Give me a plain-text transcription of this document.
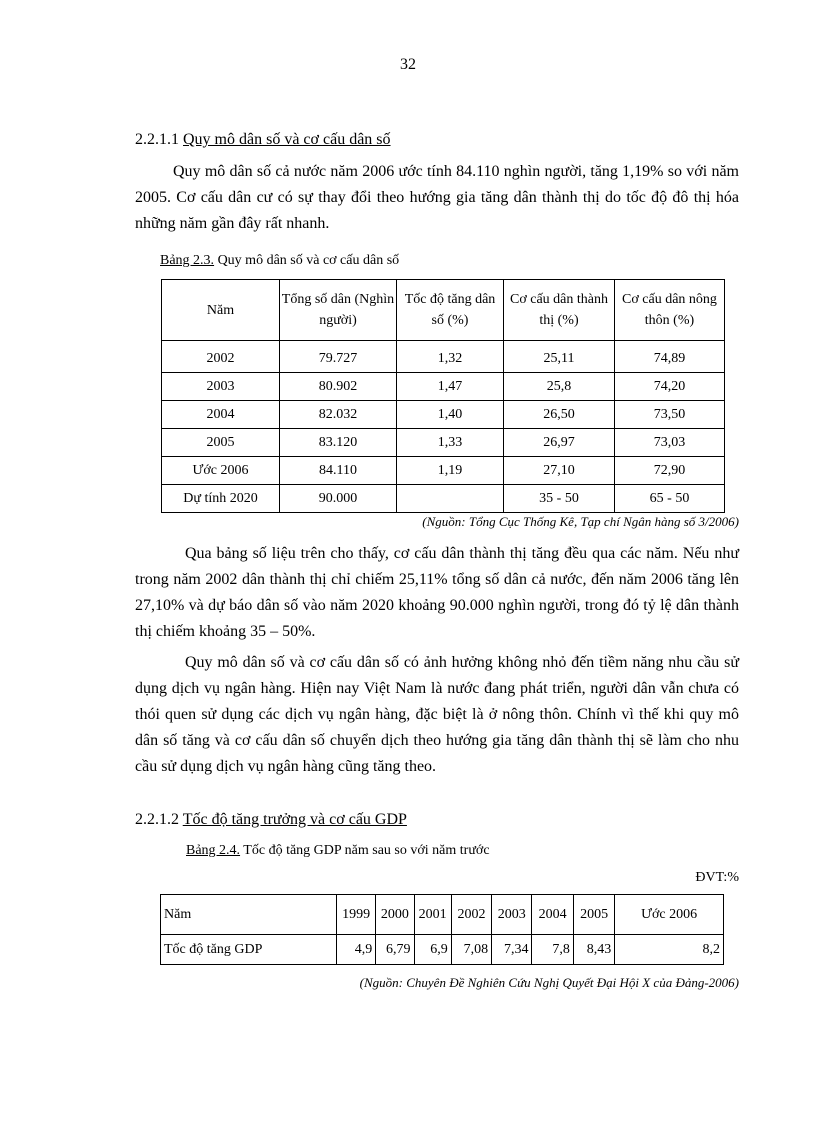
32
2.2.1.1 Quy mô dân số và cơ cấu dân số
Quy mô dân số cả nước năm 2006 ước tính 84.110 nghìn người, tăng 1,19% so với năm 2005. Cơ cấu dân cư có sự thay đổi theo hướng gia tăng dân thành thị do tốc độ đô thị hóa những năm gần đây rất nhanh.
Bảng 2.3. Quy mô dân số và cơ cấu dân số
Năm	Tổng số dân (Nghìn người)	Tốc độ tăng dân số (%)	Cơ cấu dân thành thị (%)	Cơ cấu dân nông thôn (%)
2002	79.727	1,32	25,11	74,89
2003	80.902	1,47	25,8	74,20
2004	82.032	1,40	26,50	73,50
2005	83.120	1,33	26,97	73,03
Ước 2006	84.110	1,19	27,10	72,90
Dự tính 2020	90.000		35 - 50	65 - 50
(Nguồn: Tổng Cục Thống Kê, Tạp chí Ngân hàng số 3/2006)

Qua bảng số liệu trên cho thấy, cơ cấu dân thành thị tăng đều qua các năm. Nếu như trong năm 2002 dân thành thị chỉ chiếm 25,11% tổng số dân cả nước, đến năm 2006 tăng lên 27,10% và dự báo dân số vào năm 2020 khoảng 90.000 nghìn người, trong đó tỷ lệ dân thành thị chiếm khoảng 35 – 50%.

Quy mô dân số và cơ cấu dân số có ảnh hưởng không nhỏ đến tiềm năng nhu cầu sử dụng dịch vụ ngân hàng. Hiện nay Việt Nam là nước đang phát triển, người dân vẫn chưa có thói quen sử dụng các dịch vụ ngân hàng, đặc biệt là ở nông thôn. Chính vì thế khi quy mô dân số tăng và cơ cấu dân số chuyển dịch theo hướng gia tăng dân thành thị sẽ làm cho nhu cầu sử dụng dịch vụ ngân hàng cũng tăng theo.

2.2.1.2 Tốc độ tăng trưởng và cơ cấu GDP
Bảng 2.4. Tốc độ tăng GDP năm sau so với năm trước
ĐVT:%
Năm	1999	2000	2001	2002	2003	2004	2005	Ước 2006
Tốc độ tăng GDP	4,9	6,79	6,9	7,08	7,34	7,8	8,43	8,2
(Nguồn: Chuyên Đề Nghiên Cứu Nghị Quyết Đại Hội X của Đảng-2006)
